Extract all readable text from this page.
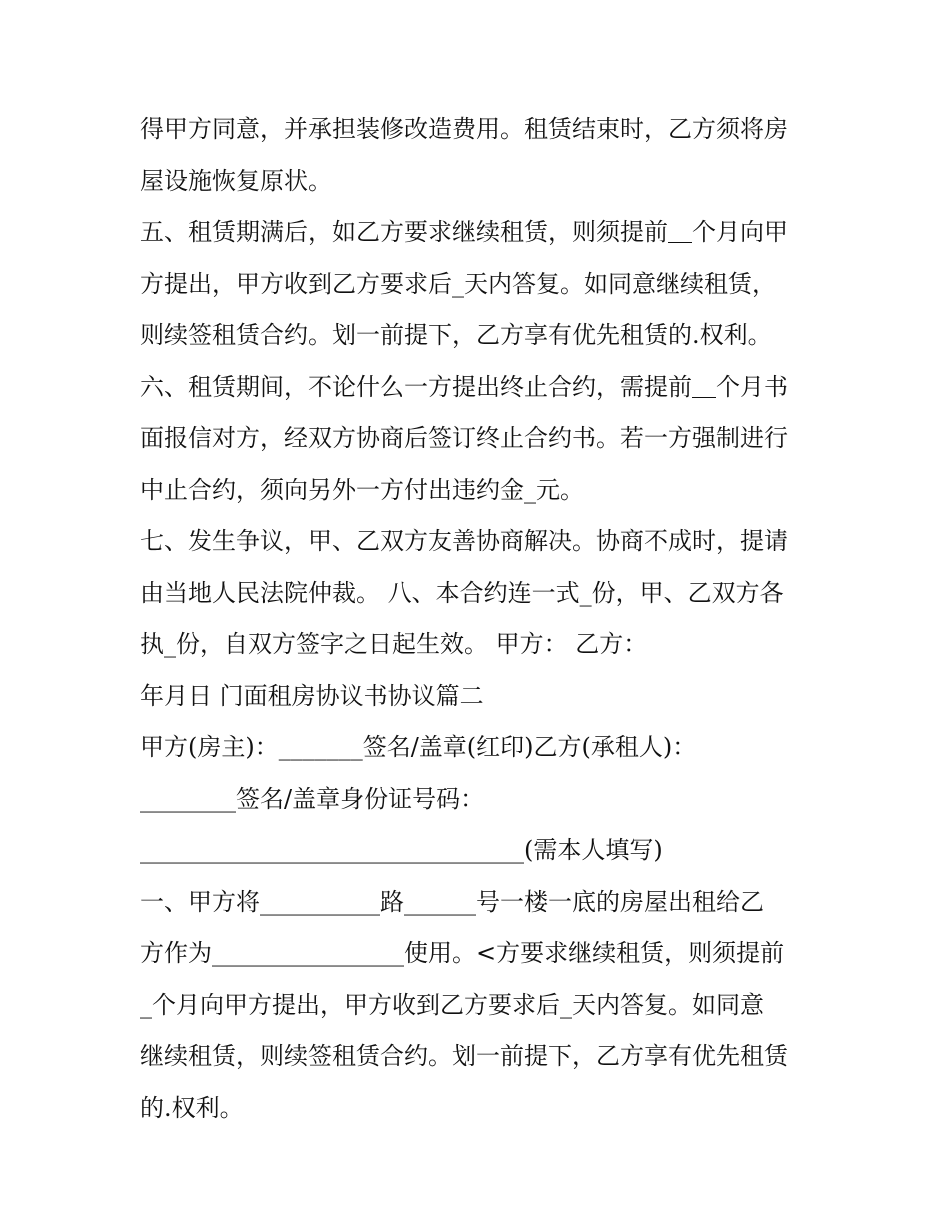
得甲方同意，并承担装修改造费用。租赁结束时，乙方须将房
屋设施恢复原状。
五、租赁期满后，如乙方要求继续租赁，则须提前＿个月向甲
方提出，甲方收到乙方要求后_天内答复。如同意继续租赁，
则续签租赁合约。划一前提下，乙方享有优先租赁的.权利。
六、租赁期间，不论什么一方提出终止合约，需提前＿个月书
面报信对方，经双方协商后签订终止合约书。若一方强制进行
中止合约，须向另外一方付出违约金_元。
七、发生争议，甲、乙双方友善协商解决。协商不成时，提请
由当地人民法院仲裁。 八、本合约连一式_份，甲、乙双方各
执_份，自双方签字之日起生效。 甲方： 乙方：
年月日 门面租房协议书协议篇二
甲方(房主)：_______签名/盖章(红印)乙方(承租人)：
________签名/盖章身份证号码：
________________________________(需本人填写)
一、甲方将__________路______号一楼一底的房屋出租给乙
方作为________________使用。<方要求继续租赁，则须提前
_个月向甲方提出，甲方收到乙方要求后_天内答复。如同意
继续租赁，则续签租赁合约。划一前提下，乙方享有优先租赁
的.权利。
